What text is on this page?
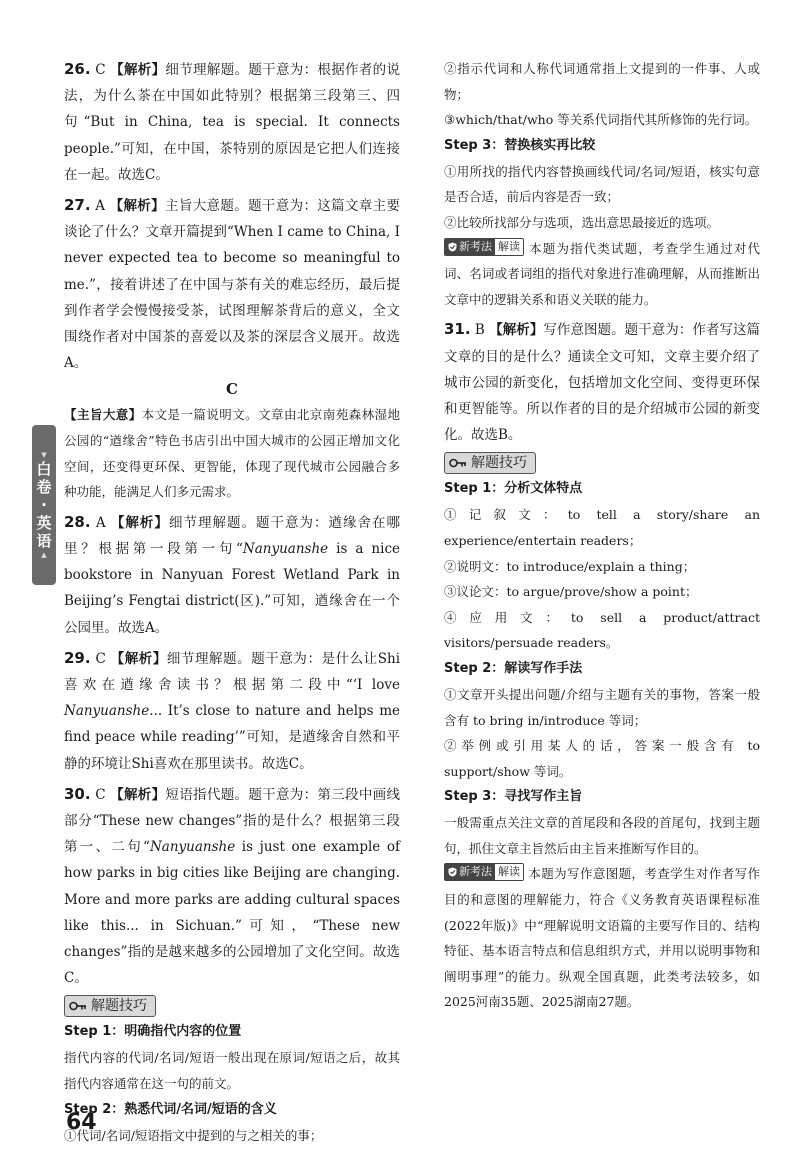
▼
白
卷
·
英
语
▲

26. C 【解析】细节理解题。题干意为：根据作者的说法，为什么茶在中国如此特别？根据第三段第三、四句“But in China, tea is special. It connects people.”可知，在中国，茶特别的原因是它把人们连接在一起。故选C。

27. A 【解析】主旨大意题。题干意为：这篇文章主要谈论了什么？文章开篇提到“When I came to China, I never expected tea to become so meaningful to me.”，接着讲述了在中国与茶有关的难忘经历，最后提到作者学会慢慢接受茶，试图理解茶背后的意义，全文围绕作者对中国茶的喜爱以及茶的深层含义展开。故选A。

C

【主旨大意】本文是一篇说明文。文章由北京南苑森林湿地公园的“遒缘舍”特色书店引出中国大城市的公园正增加文化空间，还变得更环保、更智能，体现了现代城市公园融合多种功能，能满足人们多元需求。

28. A 【解析】细节理解题。题干意为：遒缘舍在哪里？根据第一段第一句“Nanyuanshe is a nice bookstore in Nanyuan Forest Wetland Park in Beijing’s Fengtai district(区).”可知，遒缘舍在一个公园里。故选A。

29. C 【解析】细节理解题。题干意为：是什么让Shi喜欢在遒缘舍读书？根据第二段中“‘I love Nanyuanshe... It’s close to nature and helps me find peace while reading’”可知，是遒缘舍自然和平静的环境让Shi喜欢在那里读书。故选C。

30. C 【解析】短语指代题。题干意为：第三段中画线部分“These new changes”指的是什么？根据第三段第一、二句“Nanyuanshe is just one example of how parks in big cities like Beijing are changing. More and more parks are adding cultural spaces like this... in Sichuan.”可知，“These new changes”指的是越来越多的公园增加了文化空间。故选C。

解题技巧
Step 1：明确指代内容的位置

指代内容的代词/名词/短语一般出现在原词/短语之后，故其指代内容通常在这一句的前文。

Step 2：熟悉代词/名词/短语的含义

①代词/名词/短语指文中提到的与之相关的事；

②指示代词和人称代词通常指上文提到的一件事、人或物；

③which/that/who 等关系代词指代其所修饰的先行词。

Step 3：替换核实再比较

①用所找的指代内容替换画线代词/名词/短语，核实句意是否合适，前后内容是否一致；

②比较所找部分与选项，选出意思最接近的选项。

新考法 解读 本题为指代类试题，考查学生通过对代词、名词或者词组的指代对象进行准确理解，从而推断出文章中的逻辑关系和语义关联的能力。

31. B 【解析】写作意图题。题干意为：作者写这篇文章的目的是什么？通读全文可知，文章主要介绍了城市公园的新变化，包括增加文化空间、变得更环保和更智能等。所以作者的目的是介绍城市公园的新变化。故选B。

解题技巧
Step 1：分析文体特点

①记叙文：to tell a story/share an experience/entertain readers；

②说明文：to introduce/explain a thing；

③议论文：to argue/prove/show a point；

④应用文：to sell a product/attract visitors/persuade readers。

Step 2：解读写作手法

①文章开头提出问题/介绍与主题有关的事物，答案一般含有 to bring in/introduce 等词；

②举例或引用某人的话，答案一般含有 to support/show 等词。

Step 3：寻找写作主旨

一般需重点关注文章的首尾段和各段的首尾句，找到主题句，抓住文章主旨然后由主旨来推断写作目的。

新考法 解读 本题为写作意图题，考查学生对作者写作目的和意图的理解能力，符合《义务教育英语课程标准(2022年版)》中“理解说明文语篇的主要写作目的、结构特征、基本语言特点和信息组织方式，并用以说明事物和阐明事理”的能力。纵观全国真题，此类考法较多，如2025河南35题、2025湖南27题。

64
